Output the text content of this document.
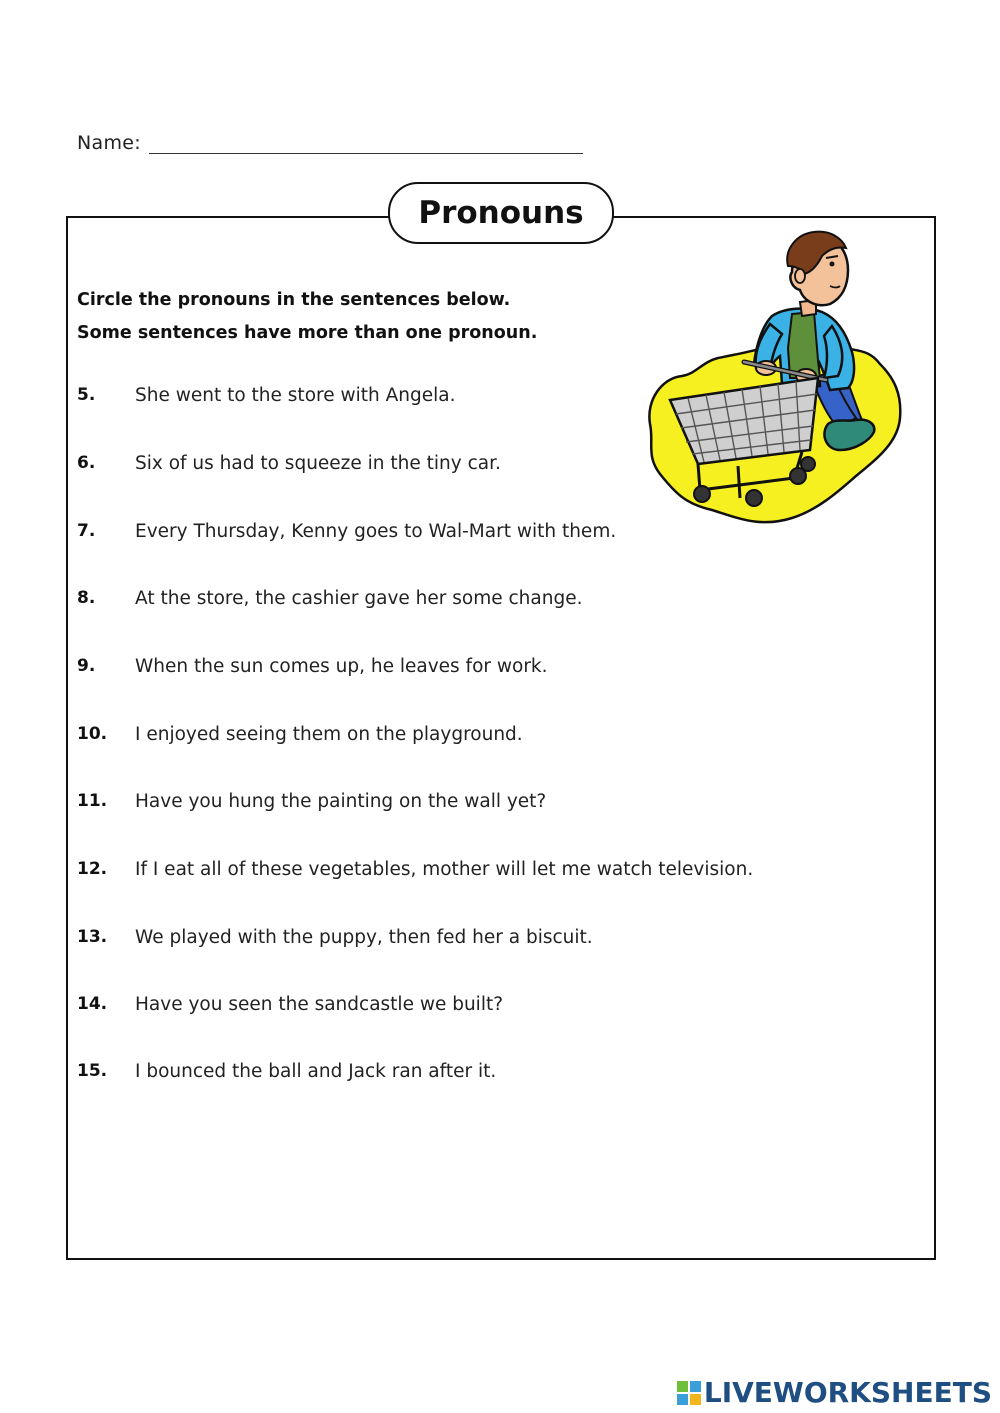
Name:
Pronouns
Circle the pronouns in the sentences below.
Some sentences have more than one pronoun.
5.	She went to the store with Angela.
6.	Six of us had to squeeze in the tiny car.
7.	Every Thursday, Kenny goes to Wal-Mart with them.
8.	At the store, the cashier gave her some change.
9.	When the sun comes up, he leaves for work.
10.	I enjoyed seeing them on the playground.
11.	Have you hung the painting on the wall yet?
12.	If I eat all of these vegetables, mother will let me watch television.
13.	We played with the puppy, then fed her a biscuit.
14.	Have you seen the sandcastle we built?
15.	I bounced the ball and Jack ran after it.
LIVEWORKSHEETS
